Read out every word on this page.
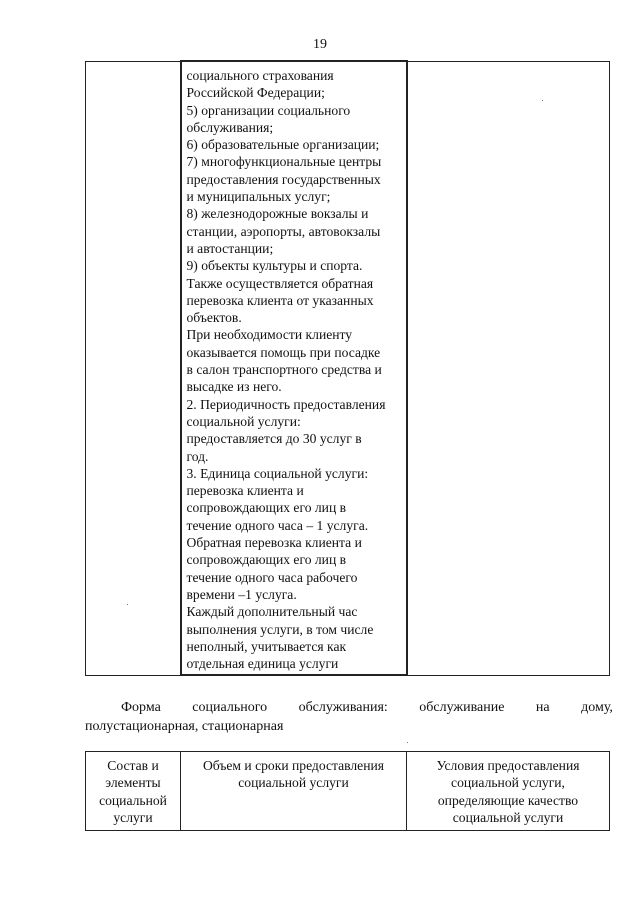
19

социального страхования
Российской Федерации;
5) организации социального
обслуживания;
6) образовательные организации;
7) многофункциональные центры
предоставления государственных
и муниципальных услуг;
8) железнодорожные вокзалы и
станции, аэропорты, автовокзалы
и автостанции;
9) объекты культуры и спорта.
Также осуществляется обратная
перевозка клиента от указанных
объектов.
При необходимости клиенту
оказывается помощь при посадке
в салон транспортного средства и
высадке из него.
2. Периодичность предоставления
социальной услуги:
предоставляется до 30 услуг в
год.
3. Единица социальной услуги:
перевозка клиента и
сопровождающих его лиц в
течение одного часа – 1 услуга.
Обратная перевозка клиента и
сопровождающих его лиц в
течение одного часа рабочего
времени –1 услуга.
Каждый дополнительный час
выполнения услуги, в том числе
неполный, учитывается как
отдельная единица услуги

Форма социального обслуживания: обслуживание на дому,
полустационарная, стационарная
Состав и
элементы
социальной
услуги

Объем и сроки предоставления
социальной услуги

Условия предоставления
социальной услуги,
определяющие качество
социальной услуги
